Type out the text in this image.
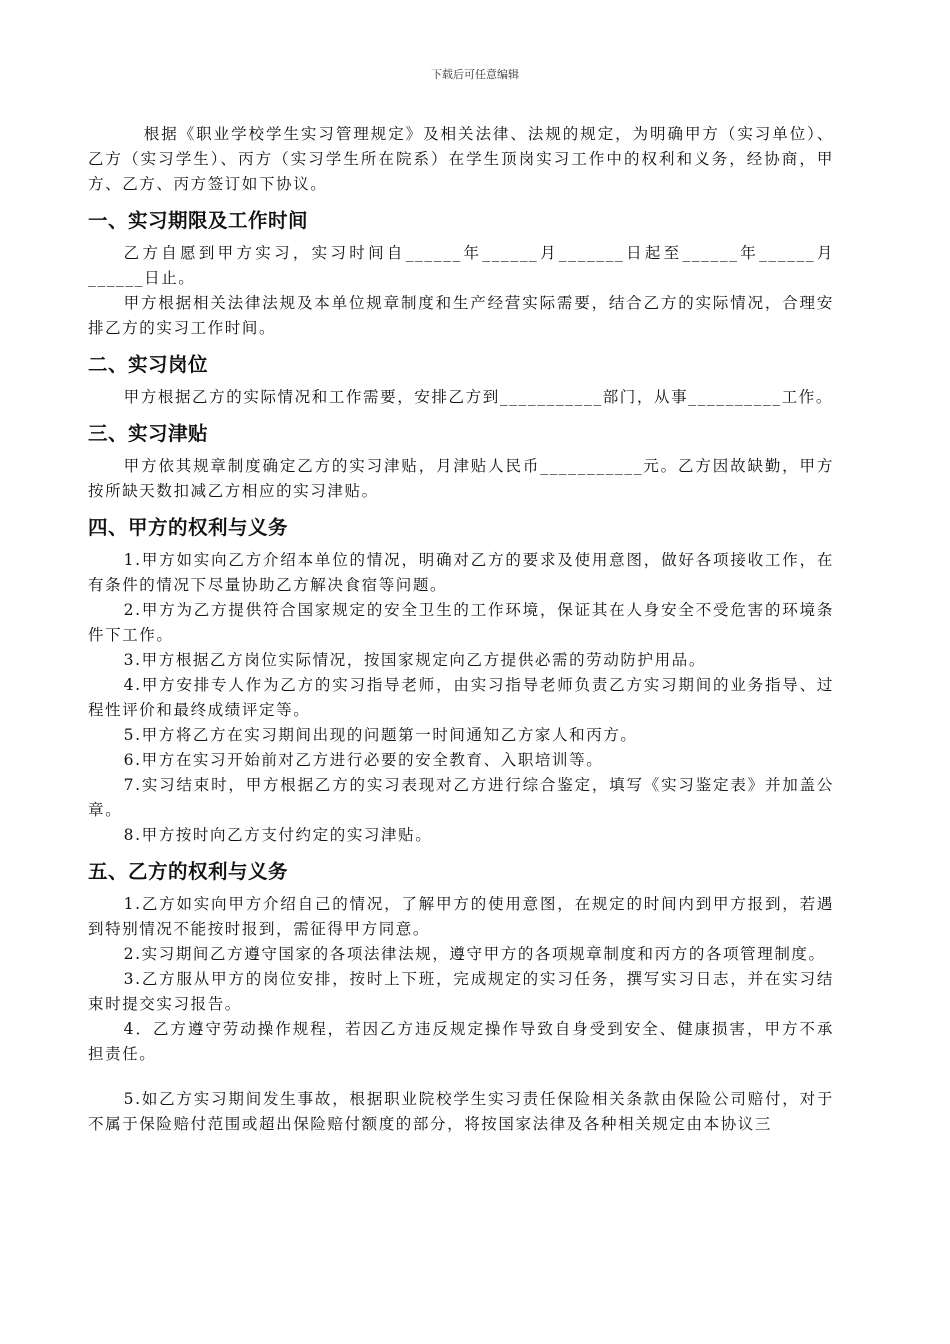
下载后可任意编辑

根据《职业学校学生实习管理规定》及相关法律、法规的规定，为明确甲方（实习单位）、乙方（实习学生）、丙方（实习学生所在院系）在学生顶岗实习工作中的权利和义务，经协商，甲方、乙方、丙方签订如下协议。

一、实习期限及工作时间

乙方自愿到甲方实习，实习时间自______年______月_______日起至______年______月______日止。

甲方根据相关法律法规及本单位规章制度和生产经营实际需要，结合乙方的实际情况，合理安排乙方的实习工作时间。

二、实习岗位

甲方根据乙方的实际情况和工作需要，安排乙方到___________部门，从事__________工作。

三、实习津贴

甲方依其规章制度确定乙方的实习津贴，月津贴人民币___________元。乙方因故缺勤，甲方按所缺天数扣减乙方相应的实习津贴。

四、甲方的权利与义务

1.甲方如实向乙方介绍本单位的情况，明确对乙方的要求及使用意图，做好各项接收工作，在有条件的情况下尽量协助乙方解决食宿等问题。

2.甲方为乙方提供符合国家规定的安全卫生的工作环境，保证其在人身安全不受危害的环境条件下工作。

3.甲方根据乙方岗位实际情况，按国家规定向乙方提供必需的劳动防护用品。

4.甲方安排专人作为乙方的实习指导老师，由实习指导老师负责乙方实习期间的业务指导、过程性评价和最终成绩评定等。

5.甲方将乙方在实习期间出现的问题第一时间通知乙方家人和丙方。

6.甲方在实习开始前对乙方进行必要的安全教育、入职培训等。

7.实习结束时，甲方根据乙方的实习表现对乙方进行综合鉴定，填写《实习鉴定表》并加盖公章。

8.甲方按时向乙方支付约定的实习津贴。

五、乙方的权利与义务

1.乙方如实向甲方介绍自己的情况，了解甲方的使用意图，在规定的时间内到甲方报到，若遇到特别情况不能按时报到，需征得甲方同意。

2.实习期间乙方遵守国家的各项法律法规，遵守甲方的各项规章制度和丙方的各项管理制度。

3.乙方服从甲方的岗位安排，按时上下班，完成规定的实习任务，撰写实习日志，并在实习结束时提交实习报告。

4．乙方遵守劳动操作规程，若因乙方违反规定操作导致自身受到安全、健康损害，甲方不承担责任。

5.如乙方实习期间发生事故，根据职业院校学生实习责任保险相关条款由保险公司赔付，对于不属于保险赔付范围或超出保险赔付额度的部分，将按国家法律及各种相关规定由本协议三
